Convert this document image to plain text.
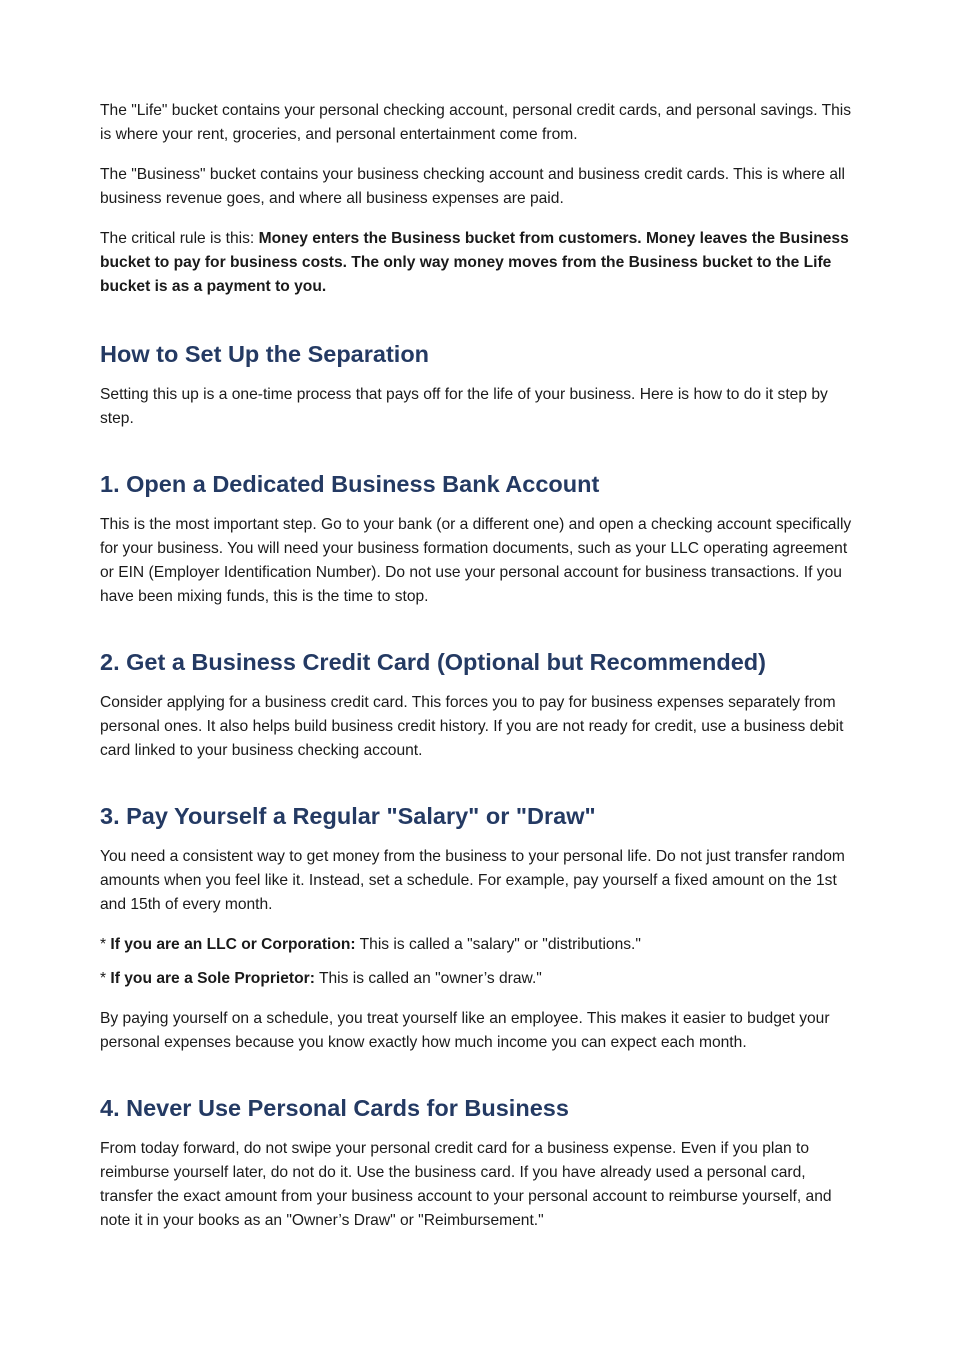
The "Life" bucket contains your personal checking account, personal credit cards, and personal savings. This is where your rent, groceries, and personal entertainment come from.

The "Business" bucket contains your business checking account and business credit cards. This is where all business revenue goes, and where all business expenses are paid.

The critical rule is this: Money enters the Business bucket from customers. Money leaves the Business bucket to pay for business costs. The only way money moves from the Business bucket to the Life bucket is as a payment to you.

How to Set Up the Separation

Setting this up is a one-time process that pays off for the life of your business. Here is how to do it step by step.

1. Open a Dedicated Business Bank Account

This is the most important step. Go to your bank (or a different one) and open a checking account specifically for your business. You will need your business formation documents, such as your LLC operating agreement or EIN (Employer Identification Number). Do not use your personal account for business transactions. If you have been mixing funds, this is the time to stop.

2. Get a Business Credit Card (Optional but Recommended)

Consider applying for a business credit card. This forces you to pay for business expenses separately from personal ones. It also helps build business credit history. If you are not ready for credit, use a business debit card linked to your business checking account.

3. Pay Yourself a Regular "Salary" or "Draw"

You need a consistent way to get money from the business to your personal life. Do not just transfer random amounts when you feel like it. Instead, set a schedule. For example, pay yourself a fixed amount on the 1st and 15th of every month.

* If you are an LLC or Corporation: This is called a "salary" or "distributions."

* If you are a Sole Proprietor: This is called an "owner’s draw."

By paying yourself on a schedule, you treat yourself like an employee. This makes it easier to budget your personal expenses because you know exactly how much income you can expect each month.

4. Never Use Personal Cards for Business

From today forward, do not swipe your personal credit card for a business expense. Even if you plan to reimburse yourself later, do not do it. Use the business card. If you have already used a personal card, transfer the exact amount from your business account to your personal account to reimburse yourself, and note it in your books as an "Owner’s Draw" or "Reimbursement."
